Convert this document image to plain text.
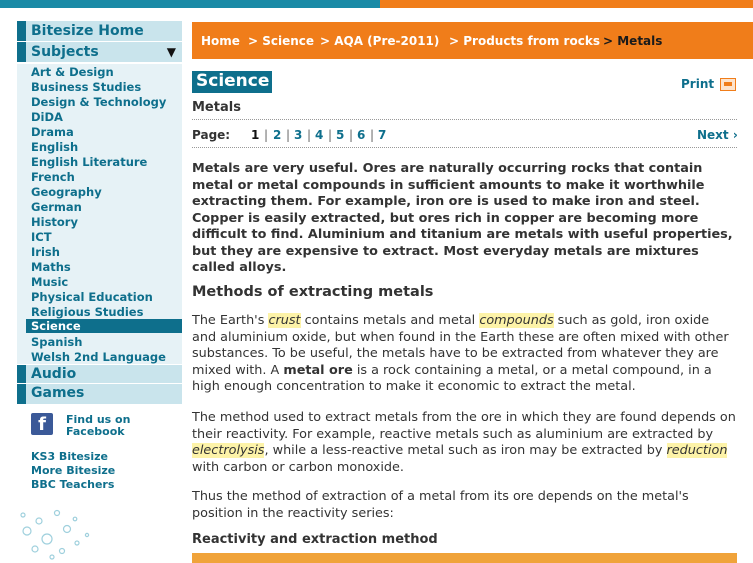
Bitesize Home
Subjects	▼
Art & Design
Business Studies
Design & Technology
DiDA
Drama
English
English Literature
French
Geography
German
History
ICT
Irish
Maths
Music
Physical Education
Religious Studies
Spanish
Welsh 2nd Language
Science
Audio
Games
f	Find us on Facebook
KS3 Bitesize
More Bitesize
BBC Teachers
Home > Science > AQA (Pre-2011) > Products from rocks > Metals
Science	Print
Metals
Page: 1 | 2 | 3 | 4 | 5 | 6 | 7	Next ›
Metals are very useful. Ores are naturally occurring rocks that contain metal or metal compounds in sufficient amounts to make it worthwhile extracting them. For example, iron ore is used to make iron and steel. Copper is easily extracted, but ores rich in copper are becoming more difficult to find. Aluminium and titanium are metals with useful properties, but they are expensive to extract. Most everyday metals are mixtures called alloys.
Methods of extracting metals
The Earth's crust contains metals and metal compounds such as gold, iron oxide and aluminium oxide, but when found in the Earth these are often mixed with other substances. To be useful, the metals have to be extracted from whatever they are mixed with. A metal ore is a rock containing a metal, or a metal compound, in a high enough concentration to make it economic to extract the metal.
The method used to extract metals from the ore in which they are found depends on their reactivity. For example, reactive metals such as aluminium are extracted by electrolysis, while a less-reactive metal such as iron may be extracted by reduction with carbon or carbon monoxide.
Thus the method of extraction of a metal from its ore depends on the metal's position in the reactivity series:
Reactivity and extraction method
